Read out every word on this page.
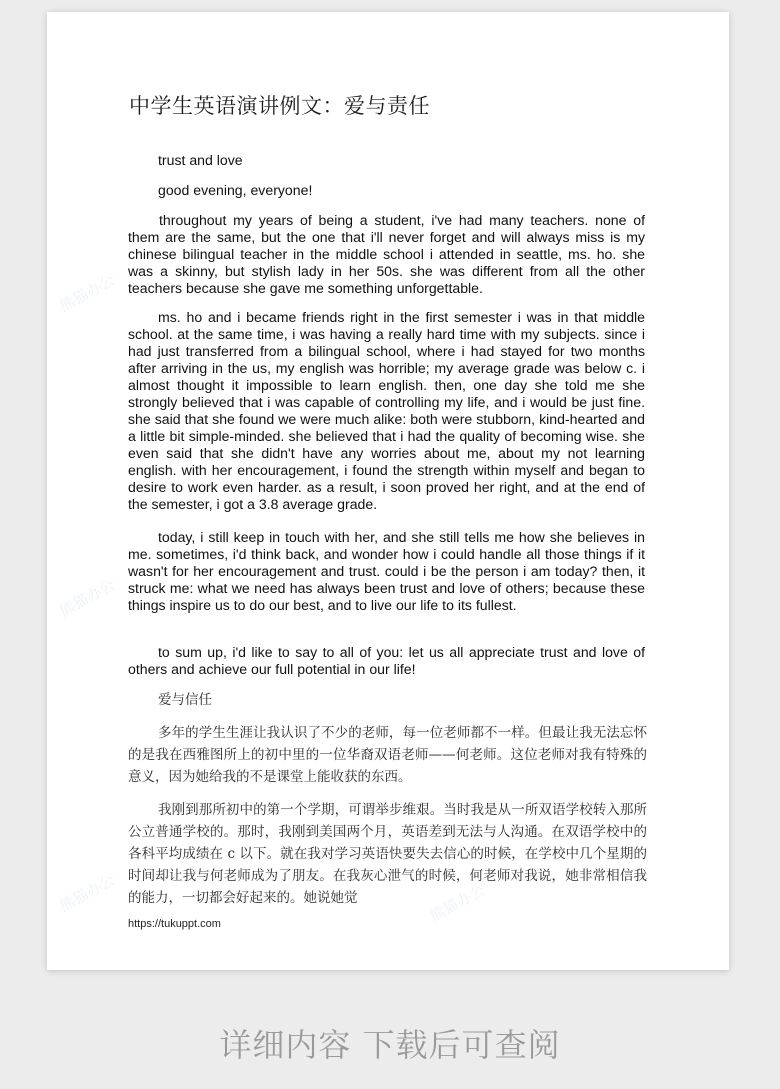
熊猫办公
熊猫办公
熊猫办公	熊猫办公
中学生英语演讲例文：爱与责任

trust and love

good evening, everyone!

throughout my years of being a student, i've had many teachers. none of them are the same, but the one that i'll never forget and will always miss is my chinese bilingual teacher in the middle school i attended in seattle, ms. ho. she was a skinny, but stylish lady in her 50s. she was different from all the other teachers because she gave me something unforgettable.

ms. ho and i became friends right in the first semester i was in that middle school. at the same time, i was having a really hard time with my subjects. since i had just transferred from a bilingual school, where i had stayed for two months after arriving in the us, my english was horrible; my average grade was below c. i almost thought it impossible to learn english. then, one day she told me she strongly believed that i was capable of controlling my life, and i would be just fine. she said that she found we were much alike: both were stubborn, kind-hearted and a little bit simple-minded. she believed that i had the quality of becoming wise. she even said that she didn't have any worries about me, about my not learning english. with her encouragement, i found the strength within myself and began to desire to work even harder. as a result, i soon proved her right, and at the end of the semester, i got a 3.8 average grade.

today, i still keep in touch with her, and she still tells me how she believes in me. sometimes, i'd think back, and wonder how i could handle all those things if it wasn't for her encouragement and trust. could i be the person i am today? then, it struck me: what we need has always been trust and love of others; because these things inspire us to do our best, and to live our life to its fullest.

to sum up, i'd like to say to all of you: let us all appreciate trust and love of others and achieve our full potential in our life!

爱与信任

多年的学生生涯让我认识了不少的老师，每一位老师都不一样。但最让我无法忘怀的是我在西雅图所上的初中里的一位华裔双语老师——何老师。这位老师对我有特殊的意义，因为她给我的不是课堂上能收获的东西。

我刚到那所初中的第一个学期，可谓举步维艰。当时我是从一所双语学校转入那所公立普通学校的。那时，我刚到美国两个月，英语差到无法与人沟通。在双语学校中的各科平均成绩在 c 以下。就在我对学习英语快要失去信心的时候，在学校中几个星期的时间却让我与何老师成为了朋友。在我灰心泄气的时候，何老师对我说，她非常相信我的能力，一切都会好起来的。她说她觉

https://tukuppt.com
详细内容 下载后可查阅
